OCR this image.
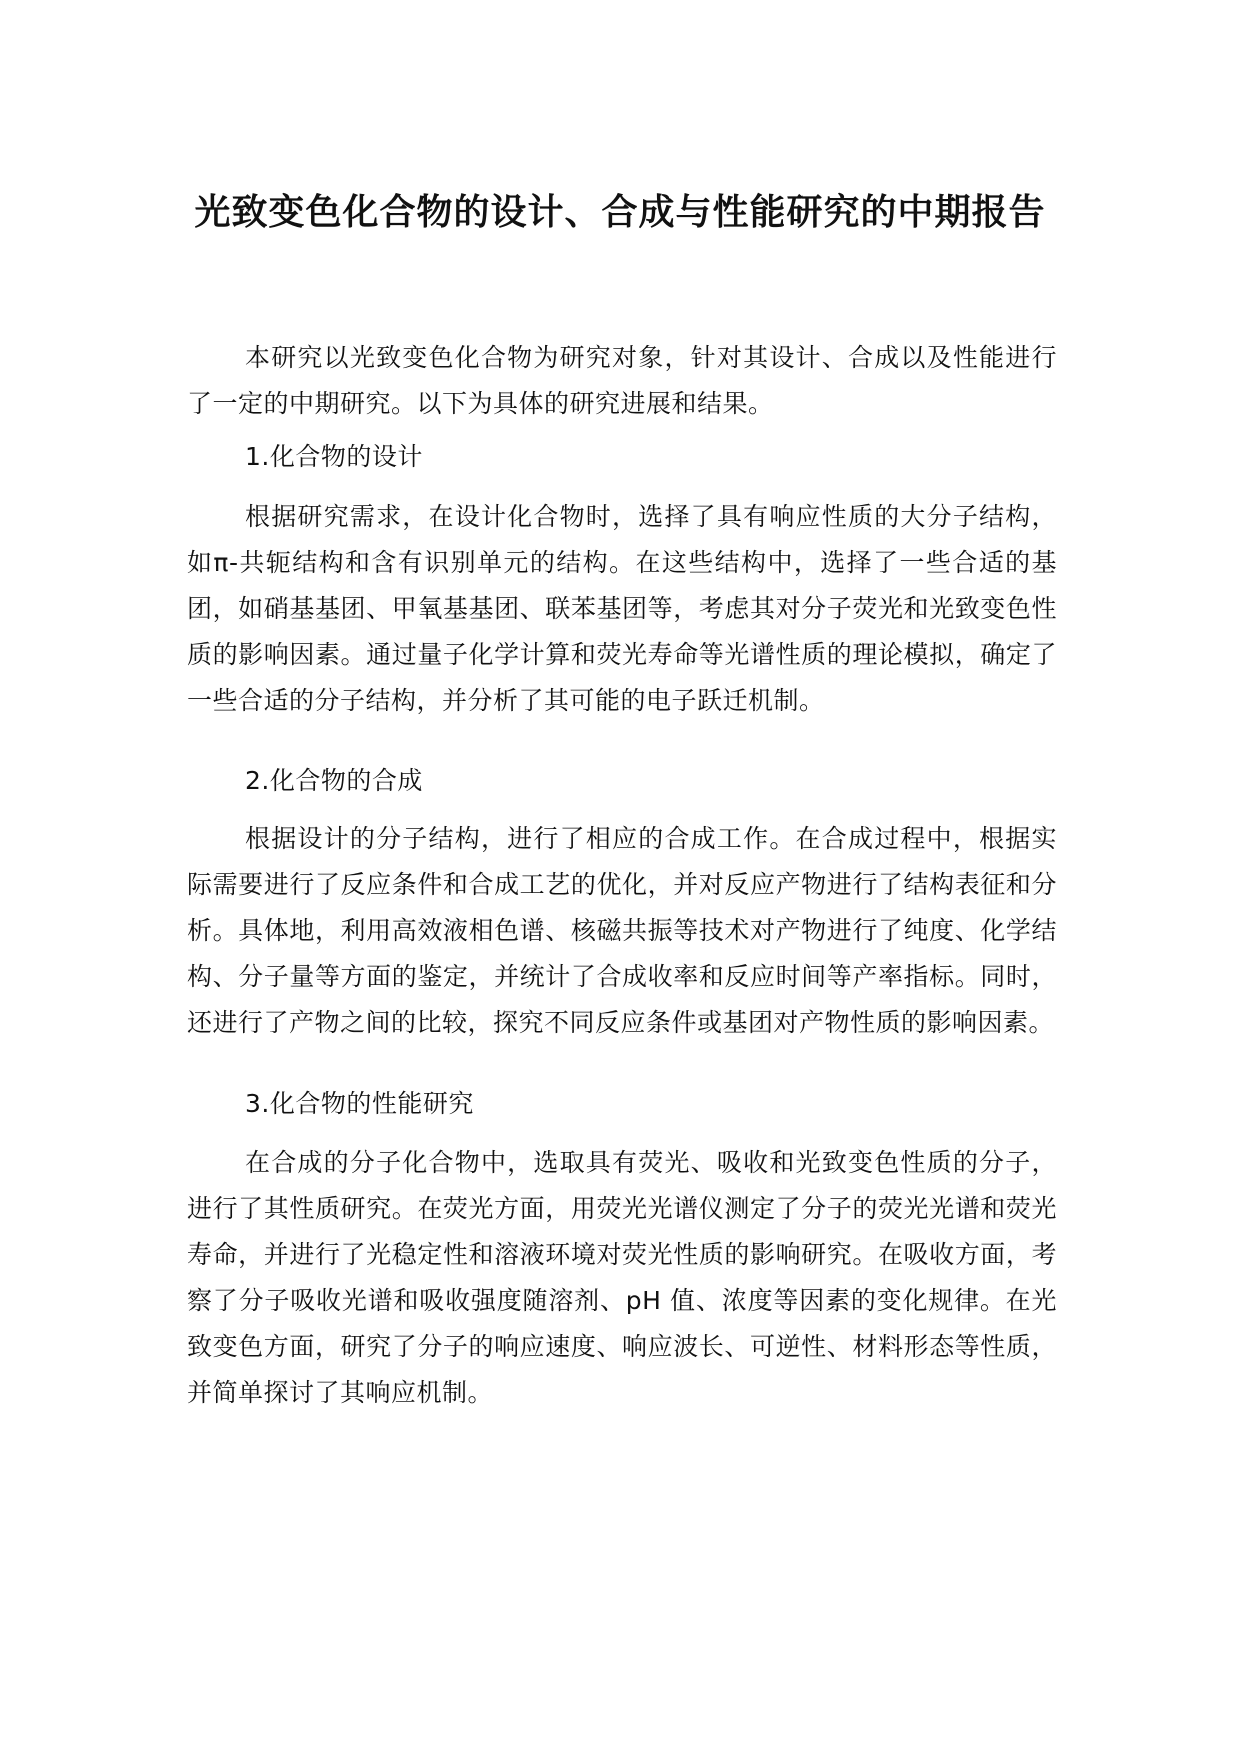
光致变色化合物的设计、合成与性能研究的中期报告

本研究以光致变色化合物为研究对象，针对其设计、合成以及性能进行了一定的中期研究。以下为具体的研究进展和结果。

1.化合物的设计

根据研究需求，在设计化合物时，选择了具有响应性质的大分子结构，如π-共轭结构和含有识别单元的结构。在这些结构中，选择了一些合适的基团，如硝基基团、甲氧基基团、联苯基团等，考虑其对分子荧光和光致变色性质的影响因素。通过量子化学计算和荧光寿命等光谱性质的理论模拟，确定了一些合适的分子结构，并分析了其可能的电子跃迁机制。

2.化合物的合成

根据设计的分子结构，进行了相应的合成工作。在合成过程中，根据实际需要进行了反应条件和合成工艺的优化，并对反应产物进行了结构表征和分析。具体地，利用高效液相色谱、核磁共振等技术对产物进行了纯度、化学结构、分子量等方面的鉴定，并统计了合成收率和反应时间等产率指标。同时，还进行了产物之间的比较，探究不同反应条件或基团对产物性质的影响因素。

3.化合物的性能研究

在合成的分子化合物中，选取具有荧光、吸收和光致变色性质的分子，进行了其性质研究。在荧光方面，用荧光光谱仪测定了分子的荧光光谱和荧光寿命，并进行了光稳定性和溶液环境对荧光性质的影响研究。在吸收方面，考察了分子吸收光谱和吸收强度随溶剂、pH 值、浓度等因素的变化规律。在光致变色方面，研究了分子的响应速度、响应波长、可逆性、材料形态等性质，并简单探讨了其响应机制。
